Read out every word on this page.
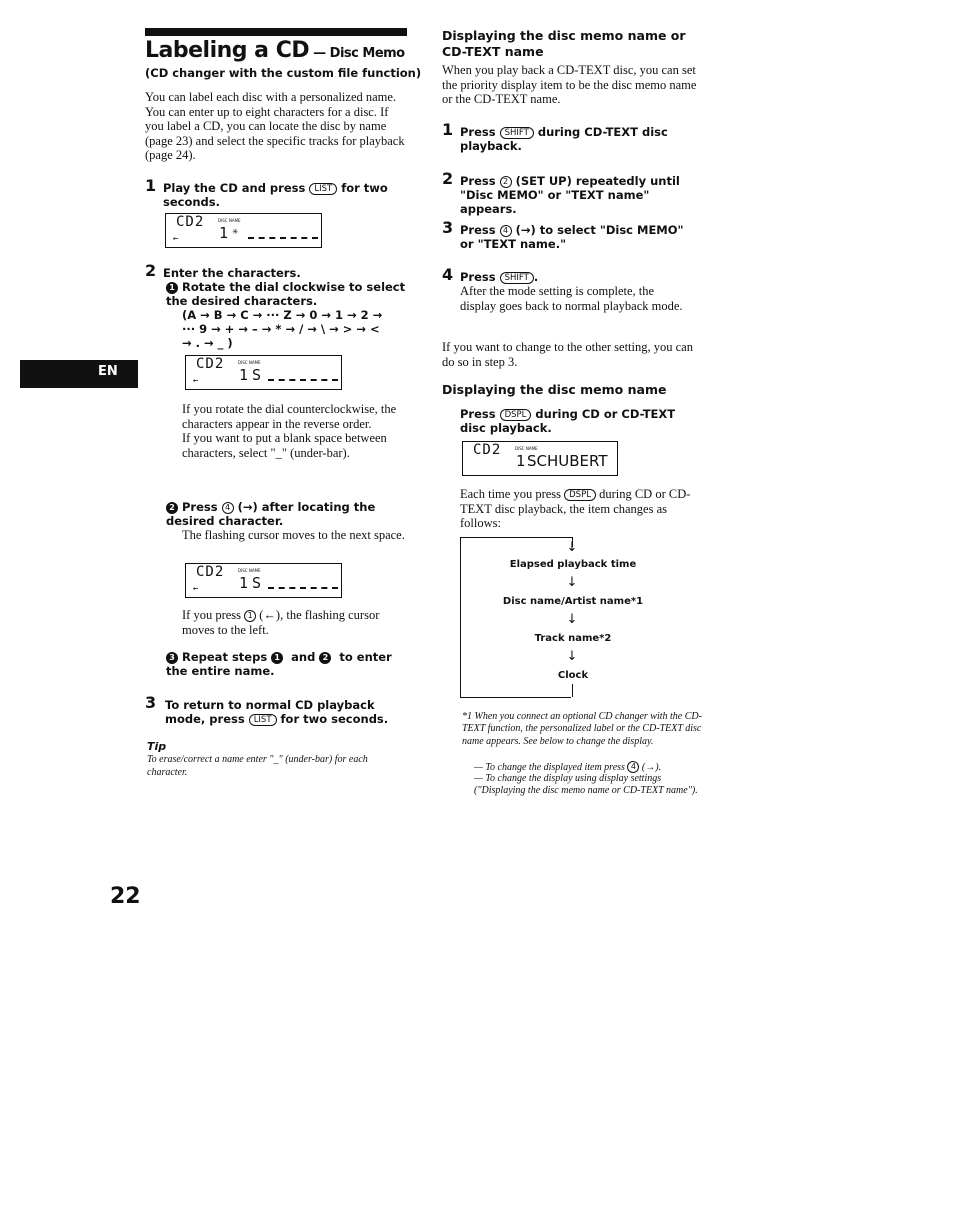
Labeling a CD — Disc Memo
(CD changer with the custom file function)
You can label each disc with a personalized name. You can enter up to eight characters for a disc. If you label a CD, you can locate the disc by name (page 23) and select the specific tracks for playback (page 24).
1 Play the CD and press LIST for two seconds.
CD2	DISC NAME
1 ✳
←
2 Enter the characters.
1 Rotate the dial clockwise to select the desired characters.
(A → B → C → ··· Z → 0 → 1 → 2 →
··· 9 → + → – → * → / → \ → > → <
→ . → _ )
CD2	DISC NAME
1 S
←
If you rotate the dial counterclockwise, the characters appear in the reverse order.
If you want to put a blank space between characters, select "_" (under-bar).
2 Press 4 (→) after locating the desired character.
The flashing cursor moves to the next space.
CD2	DISC NAME
1 S
←
If you press 1 (←), the flashing cursor moves to the left.
3 Repeat steps 1 and 2 to enter the entire name.
3 To return to normal CD playback mode, press LIST for two seconds.
Tip
To erase/correct a name enter "_" (under-bar) for each character.
22
EN
Displaying the disc memo name or CD-TEXT name
When you play back a CD-TEXT disc, you can set the priority display item to be the disc memo name or the CD-TEXT name.
1 Press SHIFT during CD-TEXT disc playback.
2 Press 2 (SET UP) repeatedly until "Disc MEMO" or "TEXT name" appears.
3 Press 4 (→) to select "Disc MEMO" or "TEXT name."
4 Press SHIFT .
After the mode setting is complete, the display goes back to normal playback mode.
If you want to change to the other setting, you can do so in step 3.
Displaying the disc memo name
Press DSPL during CD or CD-TEXT disc playback.
CD2	DISC NAME
1 SCHUBERT
Each time you press DSPL during CD or CD-TEXT disc playback, the item changes as follows:
↓
Elapsed playback time
↓
Disc name/Artist name*1
↓
Track name*2
↓
Clock
*1 When you connect an optional CD changer with the CD-TEXT function, the personalized label or the CD-TEXT disc name appears. See below to change the display.
— To change the displayed item press 4 (→).
— To change the display using display settings ("Displaying the disc memo name or CD-TEXT name").
